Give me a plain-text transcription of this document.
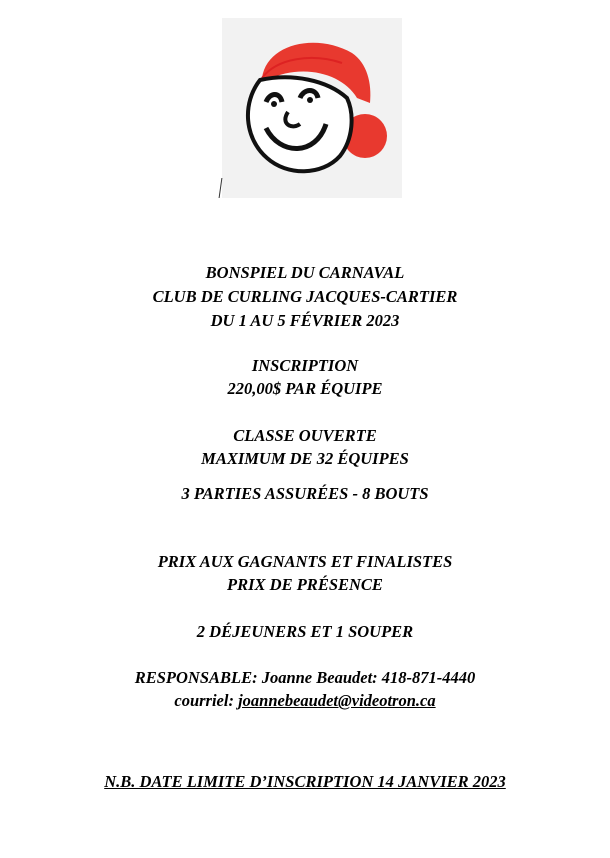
BONSPIEL DU CARNAVAL
CLUB DE CURLING JACQUES-CARTIER
DU 1 AU 5 FÉVRIER 2023
INSCRIPTION
220,00$ PAR ÉQUIPE
CLASSE OUVERTE
MAXIMUM DE 32 ÉQUIPES
3 PARTIES ASSURÉES - 8 BOUTS
PRIX AUX GAGNANTS ET FINALISTES
PRIX DE PRÉSENCE
2 DÉJEUNERS ET 1 SOUPER
RESPONSABLE: Joanne Beaudet: 418-871-4440
courriel: joannebeaudet@videotron.ca
N.B. DATE LIMITE D’INSCRIPTION 14 JANVIER 2023
